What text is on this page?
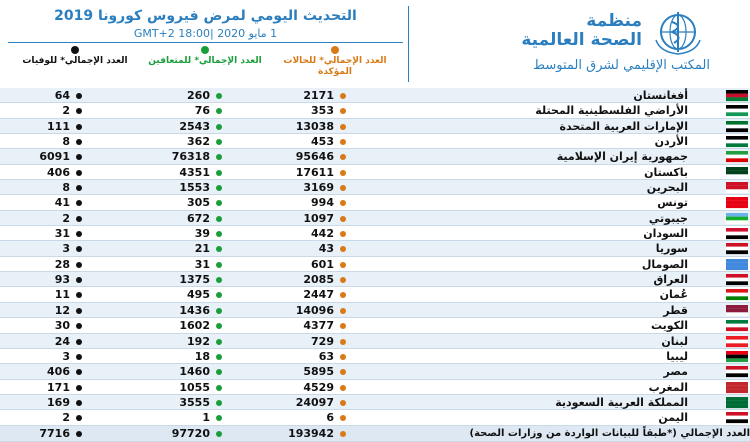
التحديث اليومي لمرض فيروس كورونا 2019
1 مايو 2020 |GMT+2 18:00
منظمة
الصحة العالمية
المكتب الإقليمي لشرق المتوسط
العدد الإجمالي* للوفيات	العدد الإجمالي* للمتعافين	العدد الإجمالي* للحالات المؤكدة
64	260	2171	أفغانستان
2	76	353	الأراضي الفلسطينية المحتلة
111	2543	13038	الإمارات العربية المتحدة
8	362	453	الأردن
6091	76318	95646	جمهورية إيران الإسلامية
406	4351	17611	باكستان
8	1553	3169	البحرين
41	305	994	تونس
2	672	1097	جيبوتي
31	39	442	السودان
3	21	43	سوريا
28	31	601	الصومال
93	1375	2085	العراق
11	495	2447	عُمان
12	1436	14096	قطر
30	1602	4377	الكويت
24	192	729	لبنان
3	18	63	ليبيا
406	1460	5895	مصر
171	1055	4529	المغرب
169	3555	24097	المملكة العربية السعودية
2	1	6	اليمن
7716	97720	193942	العدد الإجمالي (*طبقاً للبيانات الواردة من وزارات الصحة)
